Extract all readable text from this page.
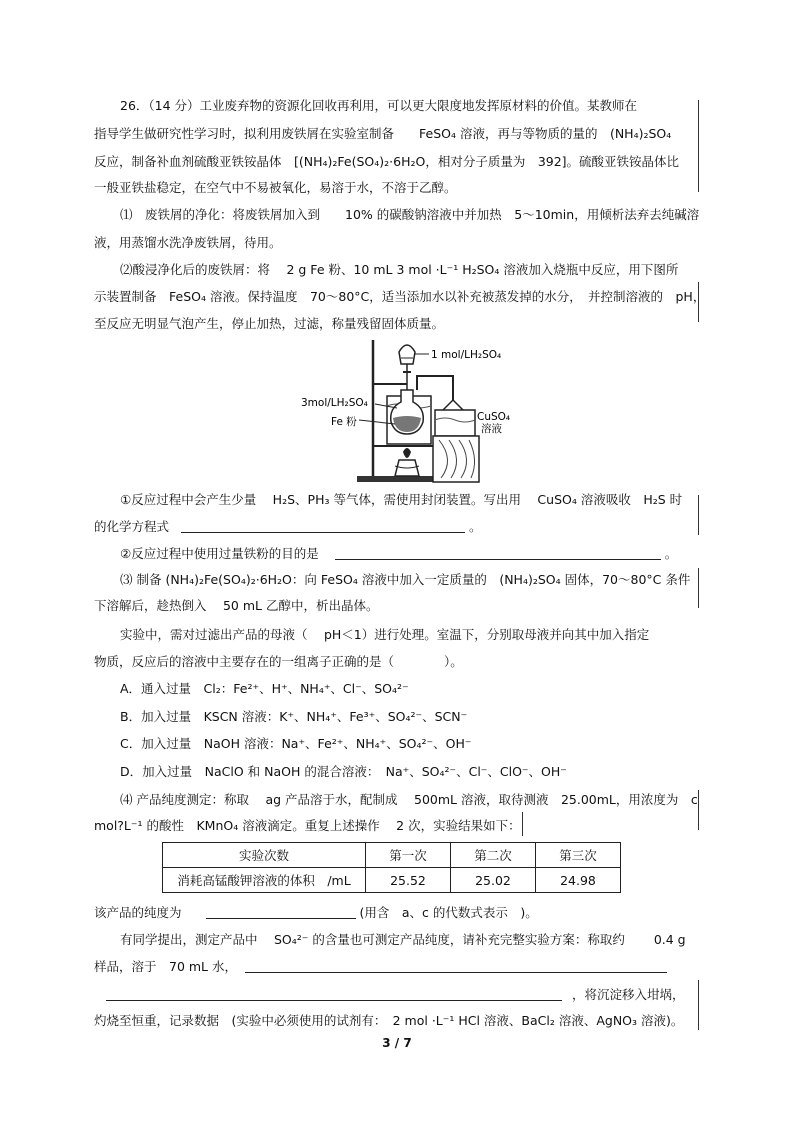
26．（14 分）工业废弃物的资源化回收再利用，可以更大限度地发挥原材料的价值。某教师在
指导学生做研究性学习时，拟利用废铁屑在实验室制备　　FeSO₄ 溶液，再与等物质的量的　(NH₄)₂SO₄
反应，制备补血剂硫酸亚铁铵晶体　[(NH₄)₂Fe(SO₄)₂·6H₂O，相对分子质量为　392]。硫酸亚铁铵晶体比
一般亚铁盐稳定，在空气中不易被氧化，易溶于水，不溶于乙醇。
⑴　废铁屑的净化：将废铁屑加入到　　10% 的碳酸钠溶液中并加热　5～10min，用倾析法弃去纯碱溶
液，用蒸馏水洗净废铁屑，待用。
⑵酸浸净化后的废铁屑：将　 2 g Fe 粉、10 mL 3 mol ·L⁻¹ H₂SO₄ 溶液加入烧瓶中反应，用下图所
示装置制备　FeSO₄ 溶液。保持温度　70～80°C，适当添加水以补充被蒸发掉的水分，　并控制溶液的　pH，
至反应无明显气泡产生，停止加热，过滤，称量残留固体质量。
1 mol/LH₂SO₄
3mol/LH₂SO₄
Fe 粉	CuSO₄
溶液
①反应过程中会产生少量　 H₂S、PH₃ 等气体，需使用封闭装置。写出用　 CuSO₄ 溶液吸收　H₂S 时
的化学方程式	。
②反应过程中使用过量铁粉的目的是	。
⑶ 制备 (NH₄)₂Fe(SO₄)₂·6H₂O：向 FeSO₄ 溶液中加入一定质量的　(NH₄)₂SO₄ 固体，70～80°C 条件
下溶解后，趁热倒入　 50 mL 乙醇中，析出晶体。
实验中，需对过滤出产品的母液（　 pH＜1）进行处理。室温下，分别取母液并向其中加入指定
物质，反应后的溶液中主要存在的一组离子正确的是（　　　　）。
A．通入过量　Cl₂：Fe²⁺、H⁺、NH₄⁺、Cl⁻、SO₄²⁻
B．加入过量　KSCN 溶液：K⁺、NH₄⁺、Fe³⁺、SO₄²⁻、SCN⁻
C．加入过量　NaOH 溶液：Na⁺、Fe²⁺、NH₄⁺、SO₄²⁻、OH⁻
D．加入过量　NaClO 和 NaOH 的混合溶液：　Na⁺、SO₄²⁻、Cl⁻、ClO⁻、OH⁻
⑷ 产品纯度测定：称取　 ag 产品溶于水，配制成　 500mL 溶液，取待测液　25.00mL，用浓度为　c
mol?L⁻¹ 的酸性　KMnO₄ 溶液滴定。重复上述操作　 2 次，实验结果如下：
实验次数	第一次	第二次	第三次
消耗高锰酸钾溶液的体积　/mL	25.52	25.02	24.98
该产品的纯度为	(用含　a、c 的代数式表示　)。
有同学提出，测定产品中　 SO₄²⁻ 的含量也可测定产品纯度，请补充完整实验方案：称取约　　 0.4 g
样品，溶于　70 mL 水，
，将沉淀移入坩埚，
灼烧至恒重，记录数据　(实验中必须使用的试剂有：　2 mol ·L⁻¹ HCl 溶液、BaCl₂ 溶液、AgNO₃ 溶液)。
3 / 7
